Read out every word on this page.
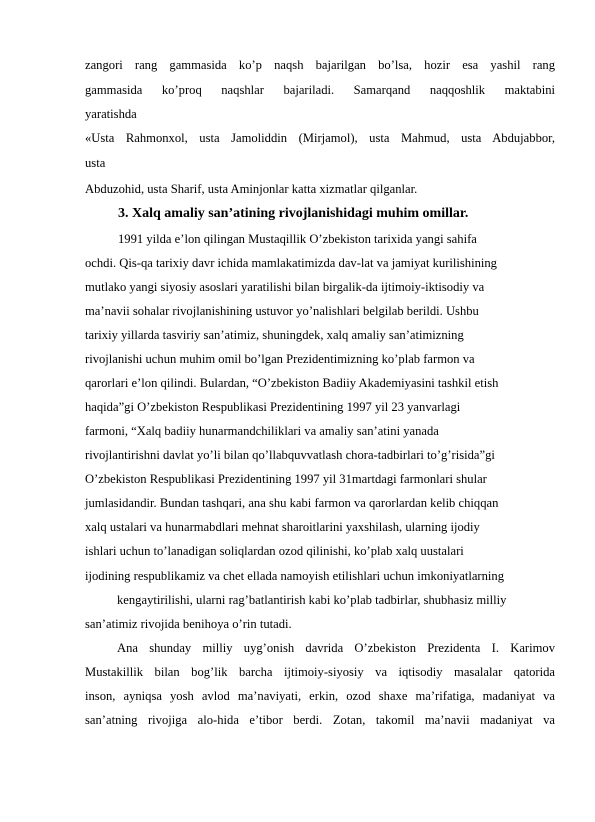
zangori rang gammasida ko’p naqsh bajarilgan bo’lsa, hozir esa yashil rang
gammasida ko’proq naqshlar bajariladi. Samarqand naqqoshlik maktabini
yaratishda
«Usta Rahmonxol, usta Jamoliddin (Mirjamol), usta Mahmud, usta Abdujabbor,
usta
Abduzohid, usta Sharif, usta Aminjonlar katta xizmatlar qilganlar.
3. Xalq amaliy san’atining rivojlanishidagi muhim omillar.
1991 yilda e’lon qilingan Mustaqillik O’zbekiston tarixida yangi sahifa
ochdi. Qis-qa tarixiy davr ichida mamlakatimizda dav-lat va jamiyat kurilishining
mutlako yangi siyosiy asoslari yaratilishi bilan birgalik-da ijtimoiy-iktisodiy va
ma’navii sohalar rivojlanishining ustuvor yo’nalishlari belgilab berildi. Ushbu
tarixiy yillarda tasviriy san’atimiz, shuningdek, xalq amaliy san’atimizning
rivojlanishi uchun muhim omil bo’lgan Prezidentimizning ko’plab farmon va
qarorlari e’lon qilindi. Bulardan, “O’zbekiston Badiiy Akademiyasini tashkil etish
haqida”gi O’zbekiston Respublikasi Prezidentining 1997 yil 23 yanvarlagi
farmoni, “Xalq badiiy hunarmandchiliklari va amaliy san’atini yanada
rivojlantirishni davlat yo’li bilan qo’llabquvvatlash chora-tadbirlari to’g’risida”gi
O’zbekiston Respublikasi Prezidentining 1997 yil 31martdagi farmonlari shular
jumlasidandir. Bundan tashqari, ana shu kabi farmon va qarorlardan kelib chiqqan
xalq ustalari va hunarmabdlari mehnat sharoitlarini yaxshilash, ularning ijodiy
ishlari uchun to’lanadigan soliqlardan ozod qilinishi, ko’plab xalq uustalari
ijodining respublikamiz va chet ellada namoyish etilishlari uchun imkoniyatlarning
kengaytirilishi, ularni rag’batlantirish kabi ko’plab tadbirlar, shubhasiz milliy
san’atimiz rivojida benihoya o’rin tutadi.
Ana shunday milliy uyg’onish davrida O’zbekiston Prezidenta I. Karimov
Mustakillik bilan bog’lik barcha ijtimoiy-siyosiy va iqtisodiy masalalar qatorida
inson, ayniqsa yosh avlod ma’naviyati, erkin, ozod shaxe ma’rifatiga, madaniyat va
san’atning rivojiga alo-hida e’tibor berdi. Zotan, takomil ma’navii madaniyat va
